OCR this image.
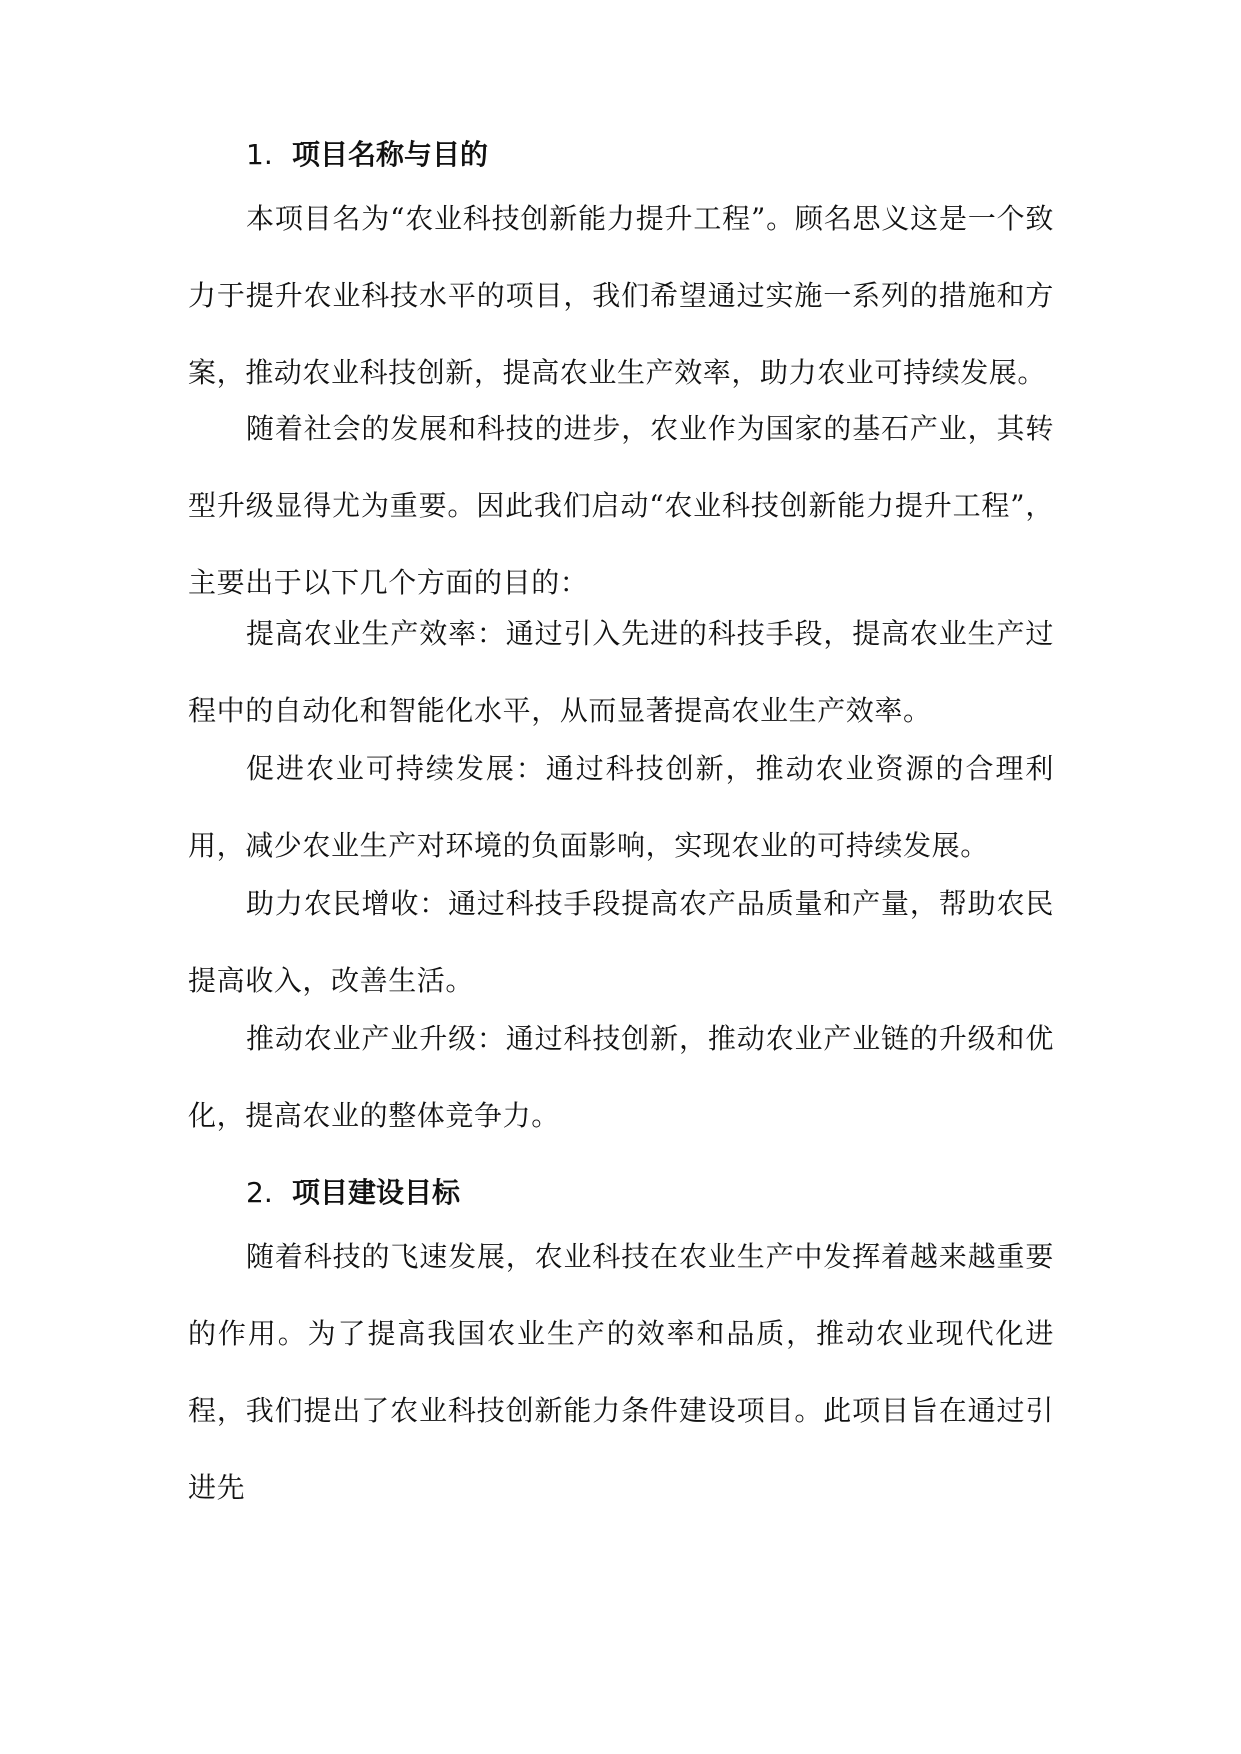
1. 项目名称与目的

本项目名为“农业科技创新能力提升工程”。顾名思义这是一个致力于提升农业科技水平的项目，我们希望通过实施一系列的措施和方案，推动农业科技创新，提高农业生产效率，助力农业可持续发展。

随着社会的发展和科技的进步，农业作为国家的基石产业，其转型升级显得尤为重要。因此我们启动“农业科技创新能力提升工程”，主要出于以下几个方面的目的：

提高农业生产效率：通过引入先进的科技手段，提高农业生产过程中的自动化和智能化水平，从而显著提高农业生产效率。

促进农业可持续发展：通过科技创新，推动农业资源的合理利用，减少农业生产对环境的负面影响，实现农业的可持续发展。

助力农民增收：通过科技手段提高农产品质量和产量，帮助农民提高收入，改善生活。

推动农业产业升级：通过科技创新，推动农业产业链的升级和优化，提高农业的整体竞争力。

2. 项目建设目标

随着科技的飞速发展，农业科技在农业生产中发挥着越来越重要的作用。为了提高我国农业生产的效率和品质，推动农业现代化进程，我们提出了农业科技创新能力条件建设项目。此项目旨在通过引进先
